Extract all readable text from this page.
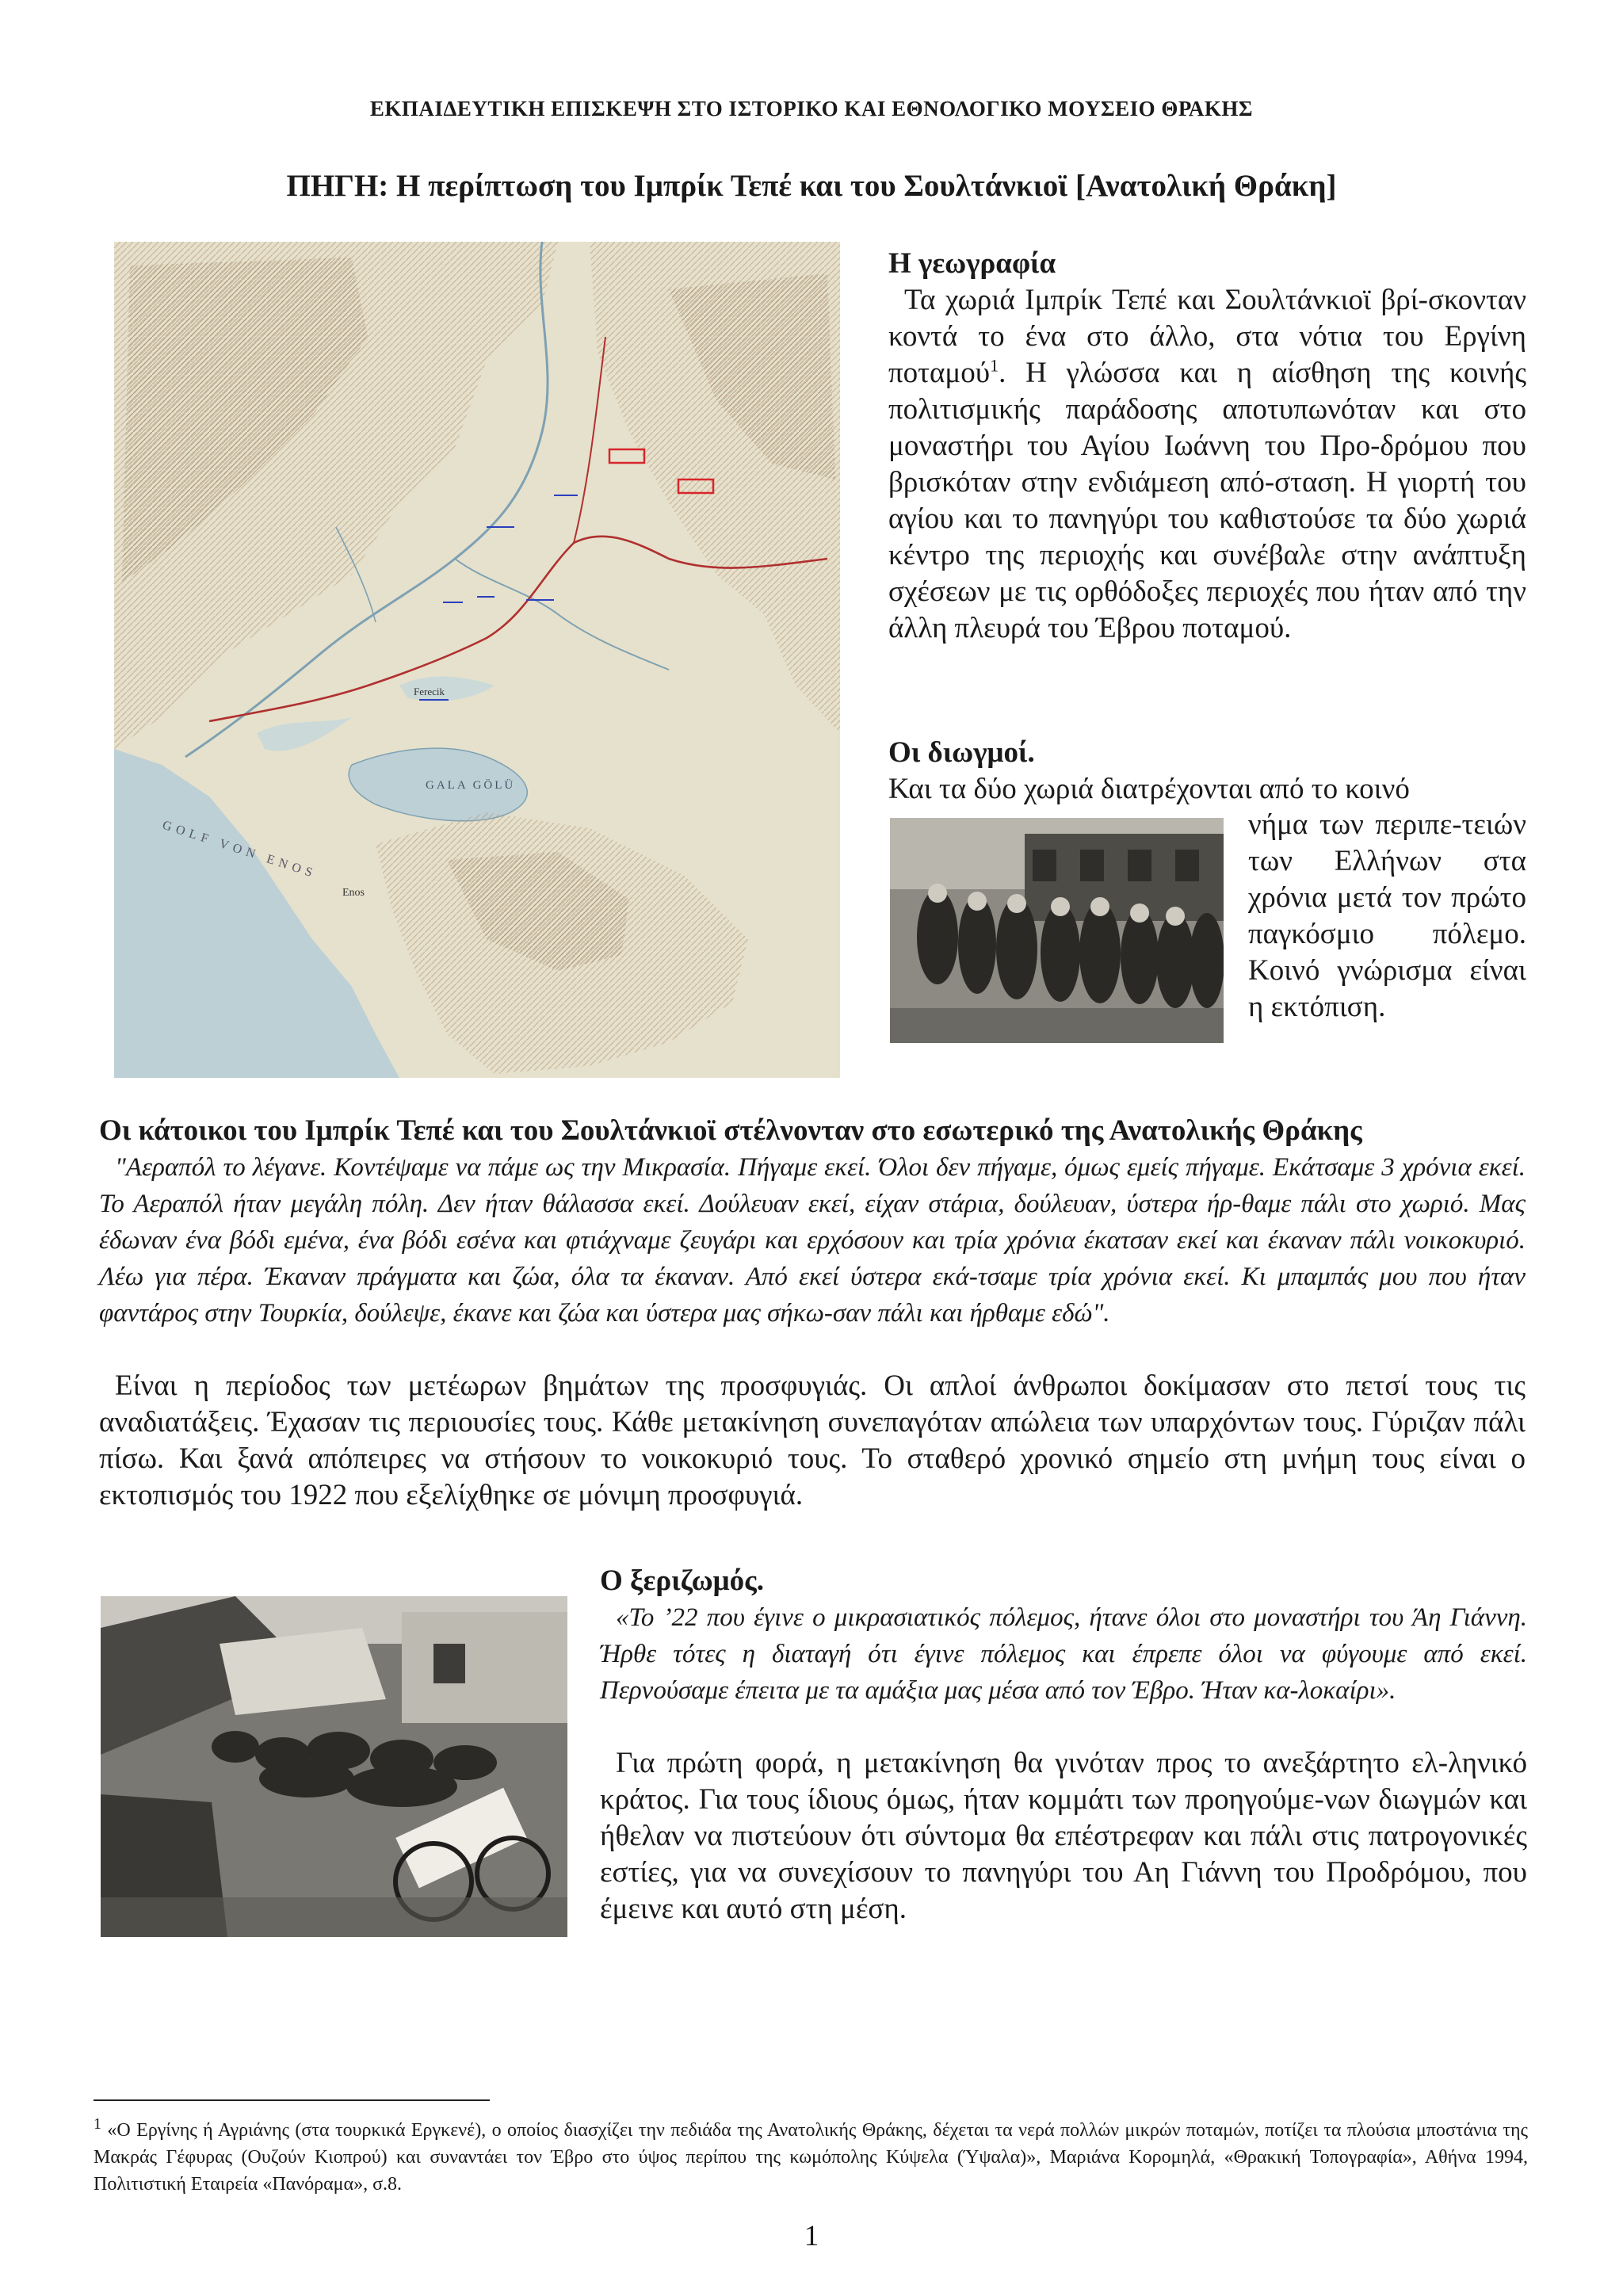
ΕΚΠΑΙΔΕΥΤΙΚΗ ΕΠΙΣΚΕΨΗ ΣΤΟ ΙΣΤΟΡΙΚΟ ΚΑΙ ΕΘΝΟΛΟΓΙΚΟ ΜΟΥΣΕΙΟ ΘΡΑΚΗΣ
ΠΗΓΗ: Η περίπτωση του Ιμπρίκ Τεπέ και του Σουλτάνκιοϊ [Ανατολική Θράκη]
GOLF VON ENOS
GALA GÖLÜ
Enos
Ferecik
Η γεωγραφία
Τα χωριά Ιμπρίκ Τεπέ και Σουλτάνκιοϊ βρί-σκονταν κοντά το ένα στο άλλο, στα νότια του Εργίνη ποταμού$^1$. Η γλώσσα και η αίσθηση της κοινής πολιτισμικής παράδοσης αποτυπωνόταν και στο μοναστήρι του Αγίου Ιωάννη του Προ-δρόμου που βρισκόταν στην ενδιάμεση από-σταση. Η γιορτή του αγίου και το πανηγύρι του καθιστούσε τα δύο χωριά κέντρο της περιοχής και συνέβαλε στην ανάπτυξη σχέσεων με τις ορθόδοξες περιοχές που ήταν από την άλλη πλευρά του Έβρου ποταμού.
Οι διωγμοί.
Και τα δύο χωριά διατρέχονται από το κοινό
νήμα των περιπε-τειών των Ελλήνων στα χρόνια μετά τον πρώτο παγκόσμιο πόλεμο. Κοινό γνώρισμα είναι η εκτόπιση.
Οι κάτοικοι του Ιμπρίκ Τεπέ και του Σουλτάνκιοϊ στέλνονταν στο εσωτερικό της Ανατολικής Θράκης
"Αεραπόλ το λέγανε. Κοντέψαμε να πάμε ως την Μικρασία. Πήγαμε εκεί. Όλοι δεν πήγαμε, όμως εμείς πήγαμε. Εκάτσαμε 3 χρόνια εκεί. Το Αεραπόλ ήταν μεγάλη πόλη. Δεν ήταν θάλασσα εκεί. Δούλευαν εκεί, είχαν στάρια, δούλευαν, ύστερα ήρ-θαμε πάλι στο χωριό. Μας έδωναν ένα βόδι εμένα, ένα βόδι εσένα και φτιάχναμε ζευγάρι και ερχόσουν και τρία χρόνια έκατσαν εκεί και έκαναν πάλι νοικοκυριό. Λέω για πέρα. Έκαναν πράγματα και ζώα, όλα τα έκαναν. Από εκεί ύστερα εκά-τσαμε τρία χρόνια εκεί. Κι μπαμπάς μου που ήταν φαντάρος στην Τουρκία, δούλεψε, έκανε και ζώα και ύστερα μας σήκω-σαν πάλι και ήρθαμε εδώ".
Είναι η περίοδος των μετέωρων βημάτων της προσφυγιάς. Οι απλοί άνθρωποι δοκίμασαν στο πετσί τους τις αναδιατάξεις. Έχασαν τις περιουσίες τους. Κάθε μετακίνηση συνεπαγόταν απώλεια των υπαρχόντων τους. Γύριζαν πάλι πίσω. Και ξανά απόπειρες να στήσουν το νοικοκυριό τους. Το σταθερό χρονικό σημείο στη μνήμη τους είναι ο εκτοπισμός του 1922 που εξελίχθηκε σε μόνιμη προσφυγιά.
Ο ξεριζωμός.
«Το ’22 που έγινε ο μικρασιατικός πόλεμος, ήτανε όλοι στο μοναστήρι του Άη Γιάννη. Ήρθε τότες η διαταγή ότι έγινε πόλεμος και έπρεπε όλοι να φύγουμε από εκεί. Περνούσαμε έπειτα με τα αμάξια μας μέσα από τον Έβρο. Ήταν κα-λοκαίρι».
Για πρώτη φορά, η μετακίνηση θα γινόταν προς το ανεξάρτητο ελ-ληνικό κράτος. Για τους ίδιους όμως, ήταν κομμάτι των προηγούμε-νων διωγμών και ήθελαν να πιστεύουν ότι σύντομα θα επέστρεφαν και πάλι στις πατρογονικές εστίες, για να συνεχίσουν το πανηγύρι του Αη Γιάννη του Προδρόμου, που έμεινε και αυτό στη μέση.
$^1$ «Ο Εργίνης ή Αγριάνης (στα τουρκικά Εργκενέ), ο οποίος διασχίζει την πεδιάδα της Ανατολικής Θράκης, δέχεται τα νερά πολλών μικρών ποταμών, ποτίζει τα πλούσια μποστάνια της Μακράς Γέφυρας (Ουζούν Κιοπρού) και συναντάει τον Έβρο στο ύψος περίπου της κωμόπολης Κύψελα (Ύψαλα)», Μαριάνα Κορομηλά, «Θρακική Τοπογραφία», Αθήνα 1994, Πολιτιστική Εταιρεία «Πανόραμα», σ.8.
1
